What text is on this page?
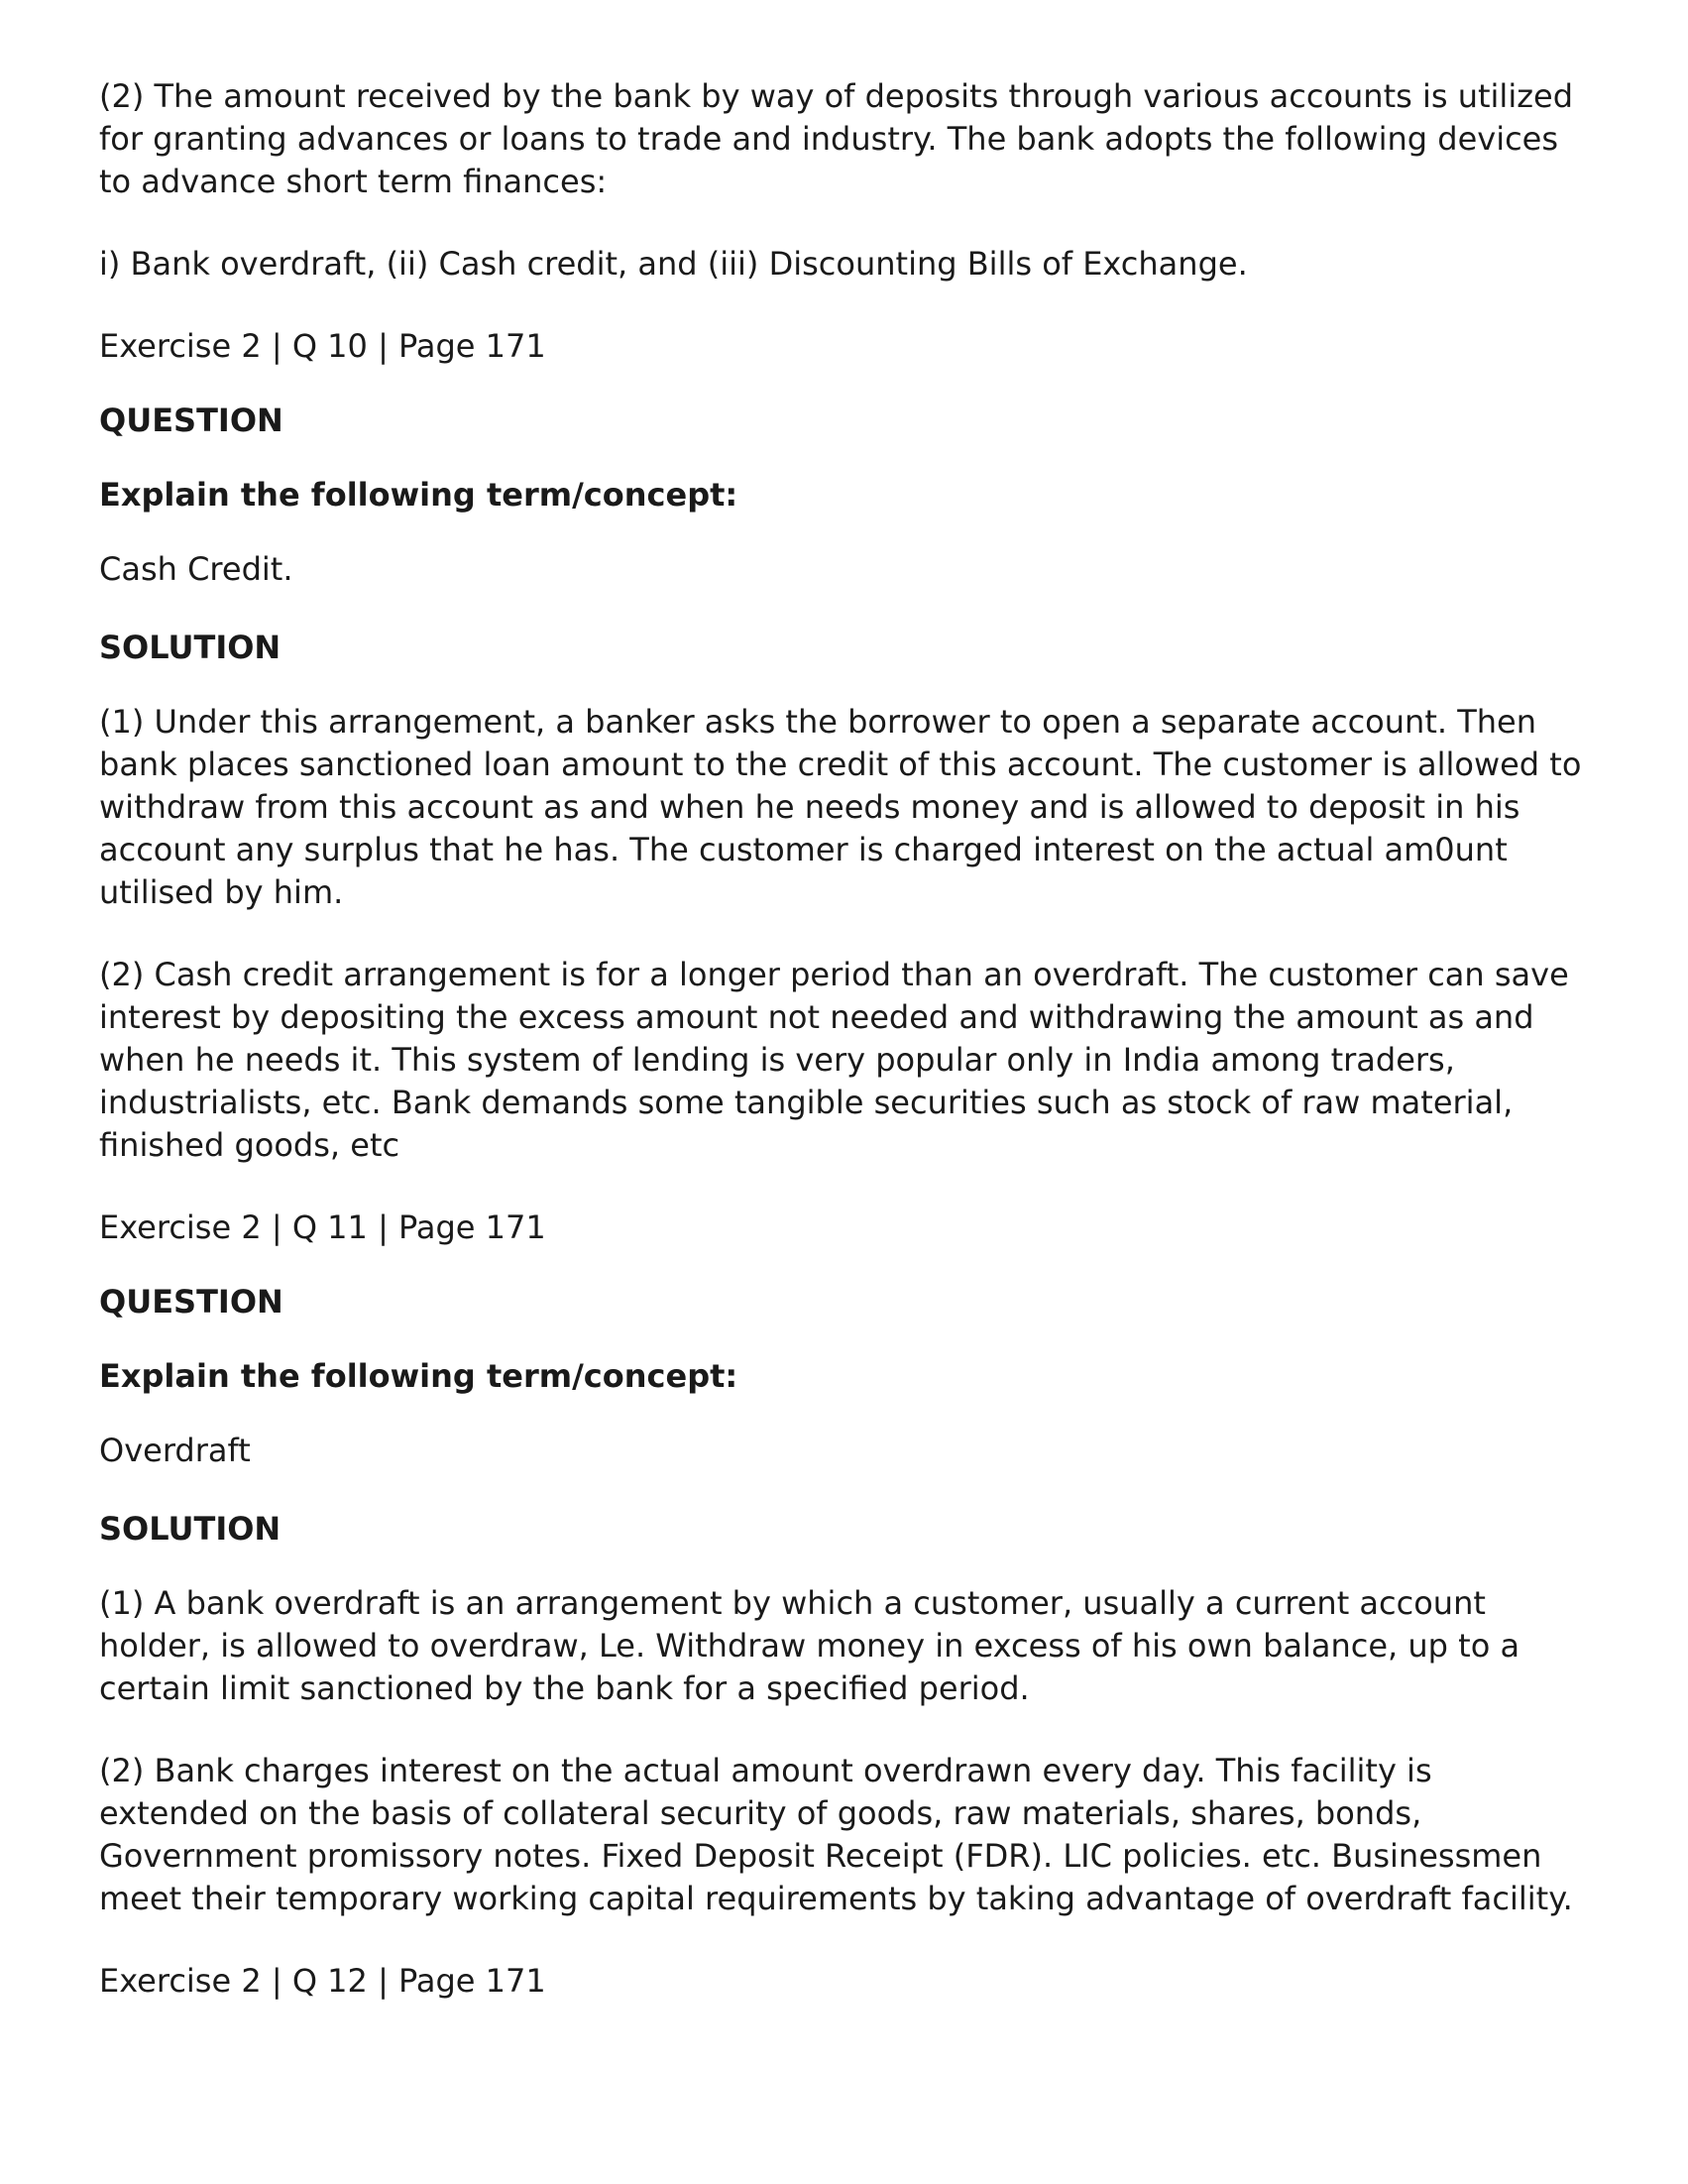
(2) The amount received by the bank by way of deposits through various accounts is utilized for granting advances or loans to trade and industry. The bank adopts the following devices to advance short term finances:

i) Bank overdraft, (ii) Cash credit, and (iii) Discounting Bills of Exchange.

Exercise 2 | Q 10 | Page 171

QUESTION

Explain the following term/concept:

Cash Credit.

SOLUTION

(1) Under this arrangement, a banker asks the borrower to open a separate account. Then bank places sanctioned loan amount to the credit of this account. The customer is allowed to withdraw from this account as and when he needs money and is allowed to deposit in his account any surplus that he has. The customer is charged interest on the actual am0unt utilised by him.

(2) Cash credit arrangement is for a longer period than an overdraft. The customer can save interest by depositing the excess amount not needed and withdrawing the amount as and when he needs it. This system of lending is very popular only in India among traders, industrialists, etc. Bank demands some tangible securities such as stock of raw material, finished goods, etc

Exercise 2 | Q 11 | Page 171

QUESTION

Explain the following term/concept:

Overdraft

SOLUTION

(1) A bank overdraft is an arrangement by which a customer, usually a current account holder, is allowed to overdraw, Le. Withdraw money in excess of his own balance, up to a certain limit sanctioned by the bank for a specified period.

(2) Bank charges interest on the actual amount overdrawn every day. This facility is extended on the basis of collateral security of goods, raw materials, shares, bonds, Government promissory notes. Fixed Deposit Receipt (FDR). LIC policies. etc. Businessmen meet their temporary working capital requirements by taking advantage of overdraft facility.

Exercise 2 | Q 12 | Page 171
